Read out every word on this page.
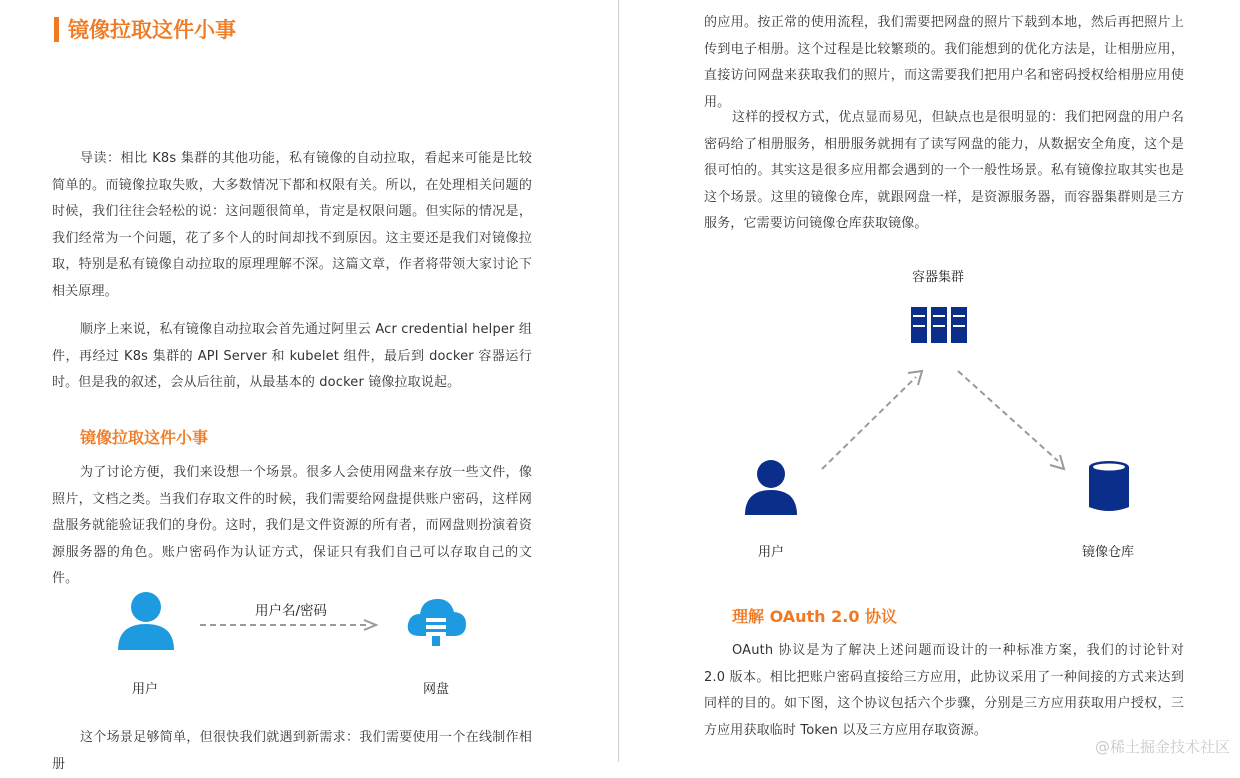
镜像拉取这件小事

导读：相比 K8s 集群的其他功能，私有镜像的自动拉取，看起来可能是比较简单的。而镜像拉取失败，大多数情况下都和权限有关。所以，在处理相关问题的时候，我们往往会轻松的说：这问题很简单，肯定是权限问题。但实际的情况是，我们经常为一个问题，花了多个人的时间却找不到原因。这主要还是我们对镜像拉取，特别是私有镜像自动拉取的原理理解不深。这篇文章，作者将带领大家讨论下相关原理。

顺序上来说，私有镜像自动拉取会首先通过阿里云 Acr credential helper 组件，再经过 K8s 集群的 API Server 和 kubelet 组件，最后到 docker 容器运行时。但是我的叙述，会从后往前，从最基本的 docker 镜像拉取说起。

镜像拉取这件小事

为了讨论方便，我们来设想一个场景。很多人会使用网盘来存放一些文件，像照片，文档之类。当我们存取文件的时候，我们需要给网盘提供账户密码，这样网盘服务就能验证我们的身份。这时，我们是文件资源的所有者，而网盘则扮演着资源服务器的角色。账户密码作为认证方式，保证只有我们自己可以存取自己的文件。

用户
用户名/密码
网盘

这个场景足够简单，但很快我们就遇到新需求：我们需要使用一个在线制作相册

的应用。按正常的使用流程，我们需要把网盘的照片下载到本地，然后再把照片上传到电子相册。这个过程是比较繁琐的。我们能想到的优化方法是，让相册应用，直接访问网盘来获取我们的照片，而这需要我们把用户名和密码授权给相册应用使用。

这样的授权方式，优点显而易见，但缺点也是很明显的：我们把网盘的用户名密码给了相册服务，相册服务就拥有了读写网盘的能力，从数据安全角度，这个是很可怕的。其实这是很多应用都会遇到的一个一般性场景。私有镜像拉取其实也是这个场景。这里的镜像仓库，就跟网盘一样，是资源服务器，而容器集群则是三方服务，它需要访问镜像仓库获取镜像。

容器集群
用户	镜像仓库
理解 OAuth 2.0 协议

OAuth 协议是为了解决上述问题而设计的一种标准方案，我们的讨论针对 2.0 版本。相比把账户密码直接给三方应用，此协议采用了一种间接的方式来达到同样的目的。如下图，这个协议包括六个步骤，分别是三方应用获取用户授权，三方应用获取临时 Token 以及三方应用存取资源。

@稀土掘金技术社区
